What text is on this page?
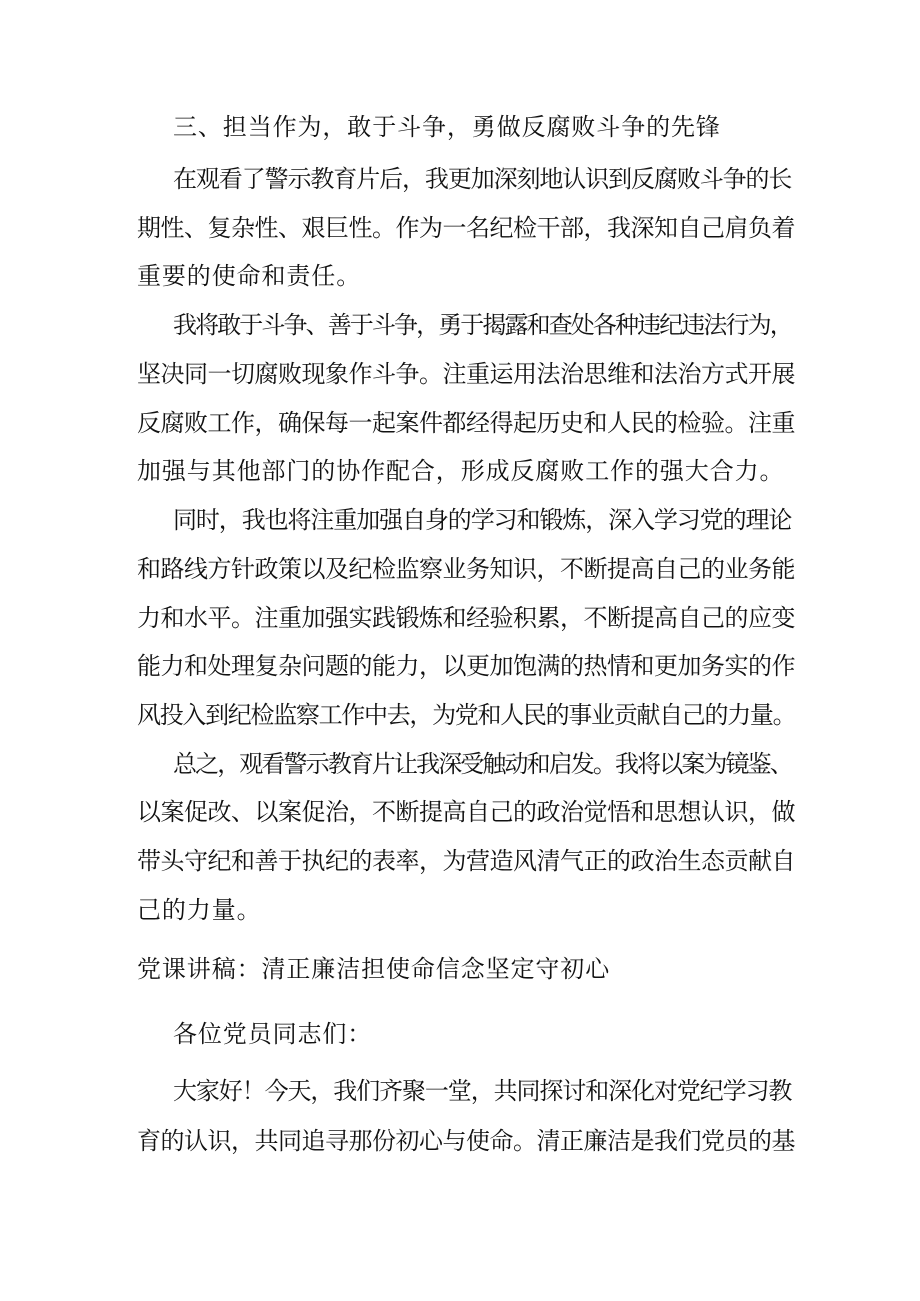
三、担当作为，敢于斗争，勇做反腐败斗争的先锋

在观看了警示教育片后，我更加深刻地认识到反腐败斗争的长

期性、复杂性、艰巨性。作为一名纪检干部，我深知自己肩负着

重要的使命和责任。

我将敢于斗争、善于斗争，勇于揭露和查处各种违纪违法行为，

坚决同一切腐败现象作斗争。注重运用法治思维和法治方式开展

反腐败工作，确保每一起案件都经得起历史和人民的检验。注重

加强与其他部门的协作配合，形成反腐败工作的强大合力。

同时，我也将注重加强自身的学习和锻炼，深入学习党的理论

和路线方针政策以及纪检监察业务知识，不断提高自己的业务能

力和水平。注重加强实践锻炼和经验积累，不断提高自己的应变

能力和处理复杂问题的能力，以更加饱满的热情和更加务实的作

风投入到纪检监察工作中去，为党和人民的事业贡献自己的力量。

总之，观看警示教育片让我深受触动和启发。我将以案为镜鉴、

以案促改、以案促治，不断提高自己的政治觉悟和思想认识，做

带头守纪和善于执纪的表率，为营造风清气正的政治生态贡献自

己的力量。

党课讲稿：清正廉洁担使命信念坚定守初心

各位党员同志们：

大家好！今天，我们齐聚一堂，共同探讨和深化对党纪学习教

育的认识，共同追寻那份初心与使命。清正廉洁是我们党员的基
